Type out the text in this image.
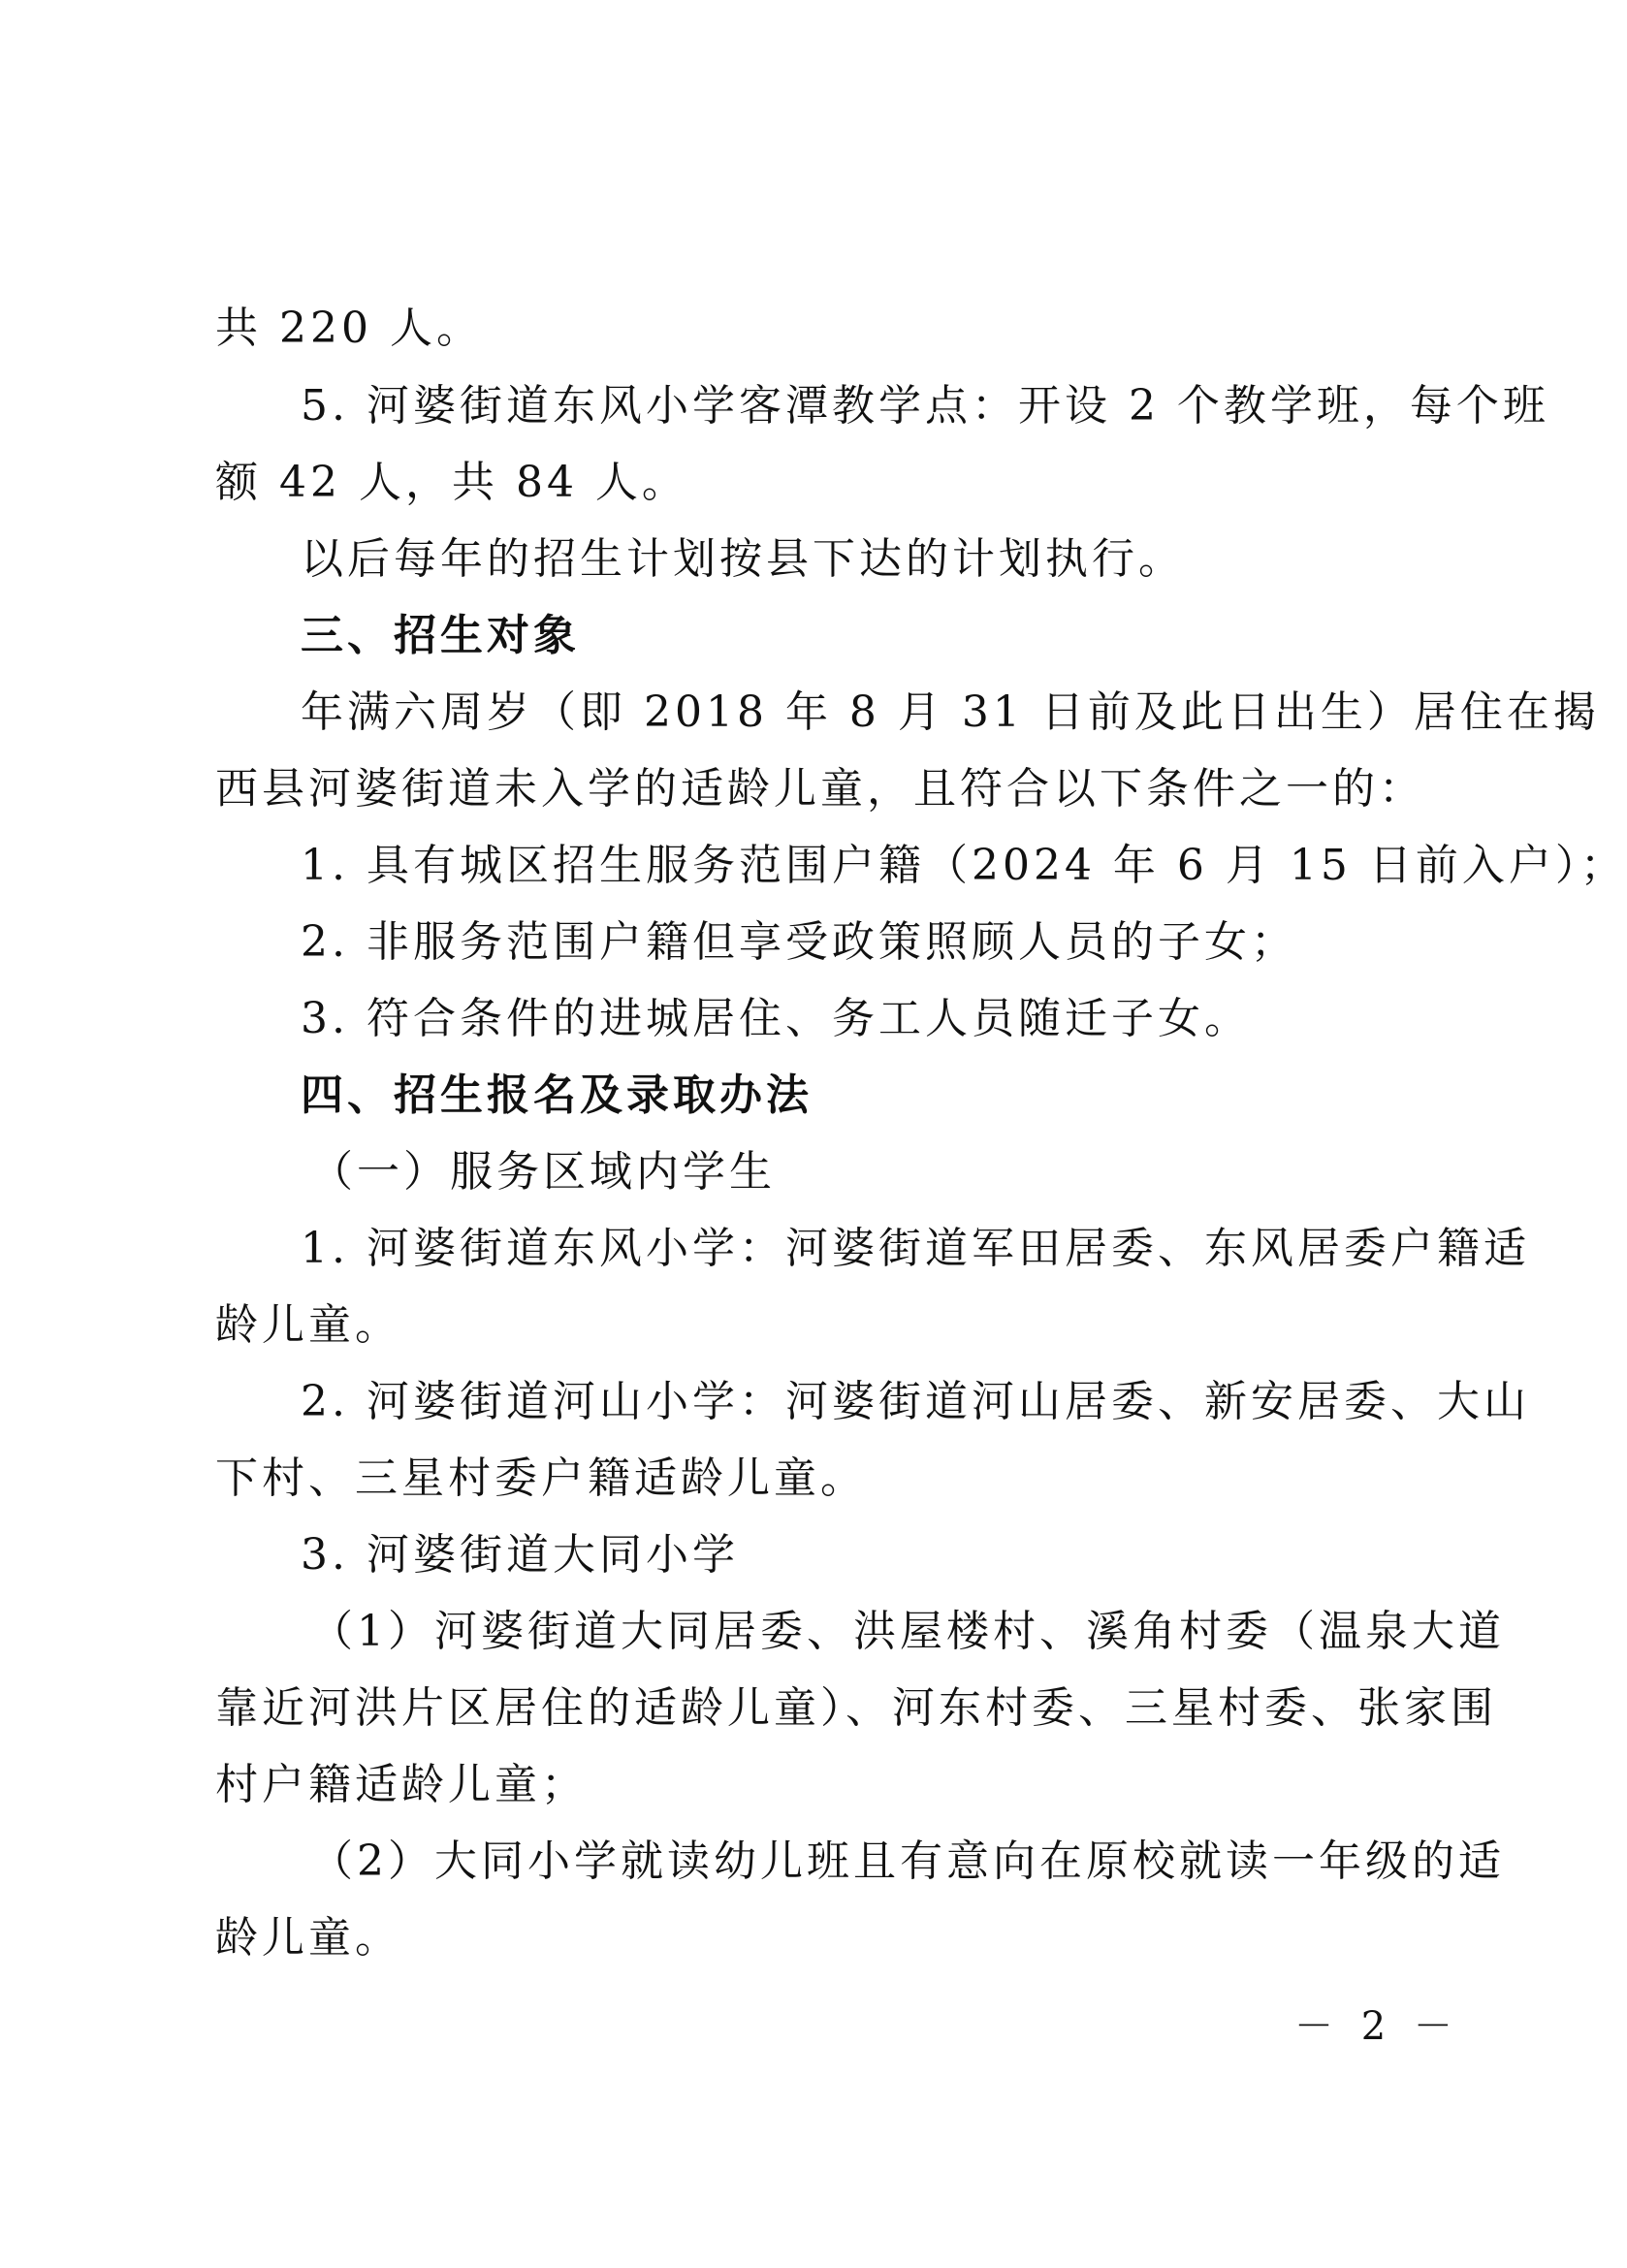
共 220 人。
5. 河婆街道东风小学客潭教学点：开设 2 个教学班，每个班
额 42 人，共 84 人。
以后每年的招生计划按县下达的计划执行。
三、招生对象
年满六周岁（即 2018 年 8 月 31 日前及此日出生）居住在揭
西县河婆街道未入学的适龄儿童，且符合以下条件之一的：
1. 具有城区招生服务范围户籍（2024 年 6 月 15 日前入户）；
2. 非服务范围户籍但享受政策照顾人员的子女；
3. 符合条件的进城居住、务工人员随迁子女。
四、招生报名及录取办法
（一）服务区域内学生
1. 河婆街道东风小学：河婆街道军田居委、东风居委户籍适
龄儿童。
2. 河婆街道河山小学：河婆街道河山居委、新安居委、大山
下村、三星村委户籍适龄儿童。
3. 河婆街道大同小学
（1）河婆街道大同居委、洪屋楼村、溪角村委（温泉大道
靠近河洪片区居住的适龄儿童）、河东村委、三星村委、张家围
村户籍适龄儿童；
（2）大同小学就读幼儿班且有意向在原校就读一年级的适
龄儿童。
－ 2 －
